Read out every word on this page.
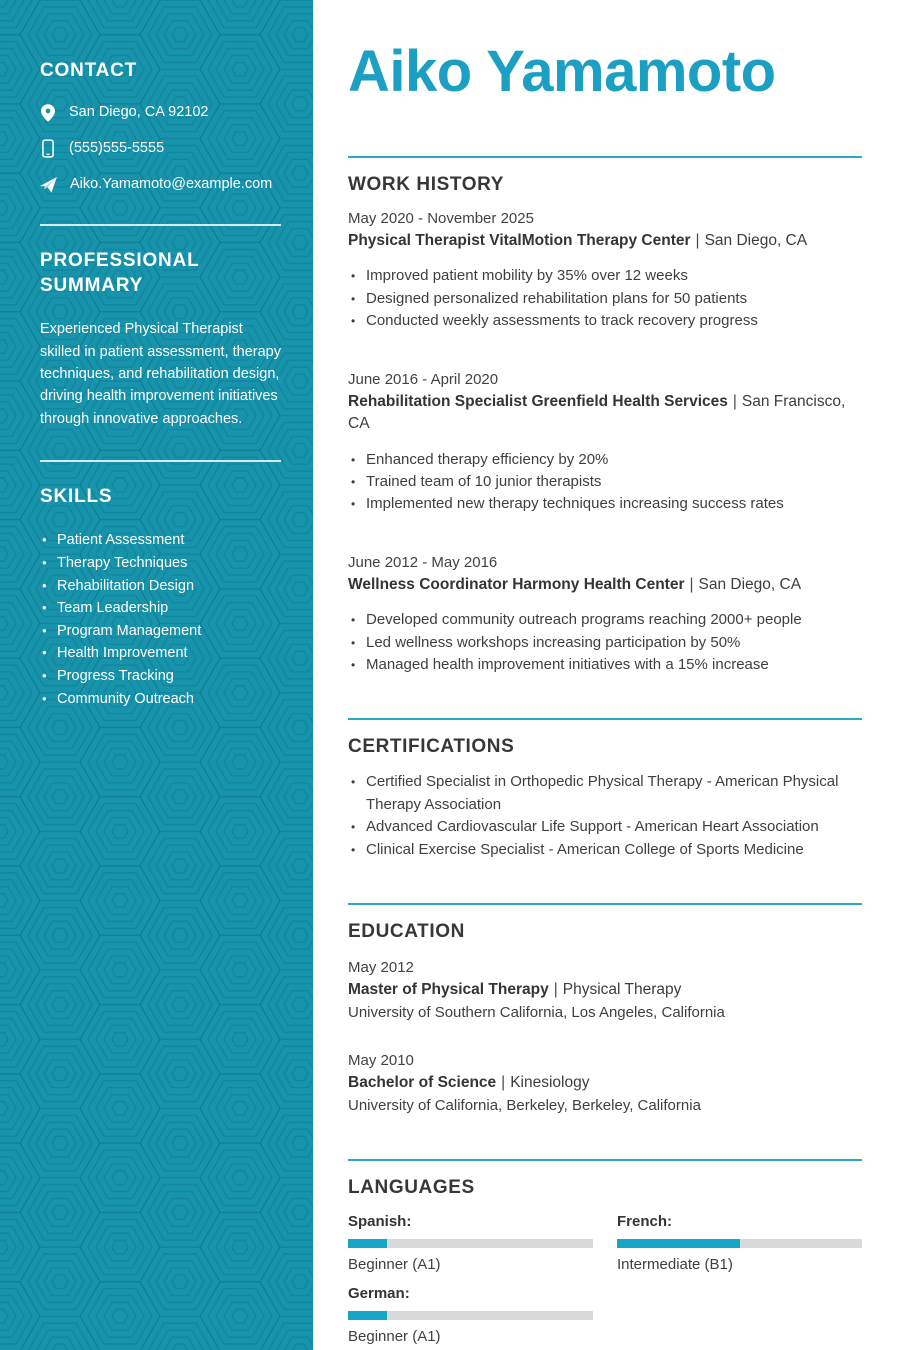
CONTACT
San Diego, CA 92102
(555)555-5555
Aiko.Yamamoto@example.com
PROFESSIONAL SUMMARY

Experienced Physical Therapist skilled in patient assessment, therapy techniques, and rehabilitation design, driving health improvement initiatives through innovative approaches.

SKILLS
• Patient Assessment
• Therapy Techniques
• Rehabilitation Design
• Team Leadership
• Program Management
• Health Improvement
• Progress Tracking
• Community Outreach
Aiko Yamamoto
WORK HISTORY
May 2020 - November 2025
Physical Therapist VitalMotion Therapy Center | San Diego, CA
• Improved patient mobility by 35% over 12 weeks
• Designed personalized rehabilitation plans for 50 patients
• Conducted weekly assessments to track recovery progress
June 2016 - April 2020
Rehabilitation Specialist Greenfield Health Services | San Francisco, CA
• Enhanced therapy efficiency by 20%
• Trained team of 10 junior therapists
• Implemented new therapy techniques increasing success rates
June 2012 - May 2016
Wellness Coordinator Harmony Health Center | San Diego, CA
• Developed community outreach programs reaching 2000+ people
• Led wellness workshops increasing participation by 50%
• Managed health improvement initiatives with a 15% increase
CERTIFICATIONS
• Certified Specialist in Orthopedic Physical Therapy - American Physical Therapy Association
• Advanced Cardiovascular Life Support - American Heart Association
• Clinical Exercise Specialist - American College of Sports Medicine
EDUCATION
May 2012
Master of Physical Therapy | Physical Therapy
University of Southern California, Los Angeles, California
May 2010
Bachelor of Science | Kinesiology
University of California, Berkeley, Berkeley, California
LANGUAGES
Spanish:
Beginner (A1)
French:
Intermediate (B1)
German:
Beginner (A1)
